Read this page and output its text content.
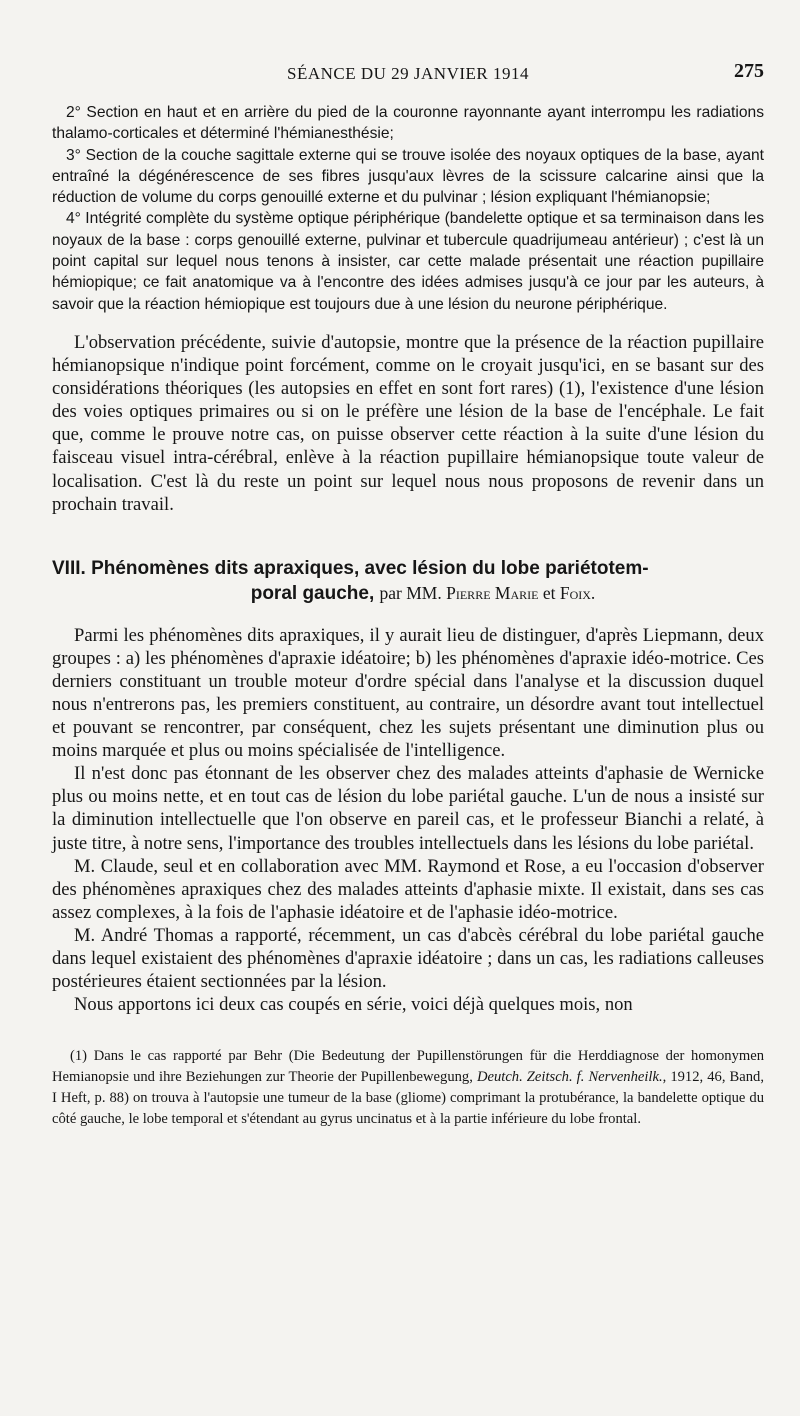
SÉANCE DU 29 JANVIER 1914	275

2° Section en haut et en arrière du pied de la couronne rayonnante ayant interrompu les radiations thalamo-corticales et déterminé l'hémianesthésie;

3° Section de la couche sagittale externe qui se trouve isolée des noyaux optiques de la base, ayant entraîné la dégénérescence de ses fibres jusqu'aux lèvres de la scissure calcarine ainsi que la réduction de volume du corps genouillé externe et du pulvinar ; lésion expliquant l'hémianopsie;

4° Intégrité complète du système optique périphérique (bandelette optique et sa terminaison dans les noyaux de la base : corps genouillé externe, pulvinar et tubercule quadrijumeau antérieur) ; c'est là un point capital sur lequel nous tenons à insister, car cette malade présentait une réaction pupillaire hémiopique; ce fait anatomique va à l'encontre des idées admises jusqu'à ce jour par les auteurs, à savoir que la réaction hémiopique est toujours due à une lésion du neurone périphérique.

L'observation précédente, suivie d'autopsie, montre que la présence de la réaction pupillaire hémianopsique n'indique point forcément, comme on le croyait jusqu'ici, en se basant sur des considérations théoriques (les autopsies en effet en sont fort rares) (1), l'existence d'une lésion des voies optiques primaires ou si on le préfère une lésion de la base de l'encéphale. Le fait que, comme le prouve notre cas, on puisse observer cette réaction à la suite d'une lésion du faisceau visuel intra-cérébral, enlève à la réaction pupillaire hémianopsique toute valeur de localisation. C'est là du reste un point sur lequel nous nous proposons de revenir dans un prochain travail.

VIII. Phénomènes dits apraxiques, avec lésion du lobe pariétotem-
poral gauche, par MM. Pierre Marie et Foix.

Parmi les phénomènes dits apraxiques, il y aurait lieu de distinguer, d'après Liepmann, deux groupes : a) les phénomènes d'apraxie idéatoire; b) les phénomènes d'apraxie idéo-motrice. Ces derniers constituant un trouble moteur d'ordre spécial dans l'analyse et la discussion duquel nous n'entrerons pas, les premiers constituent, au contraire, un désordre avant tout intellectuel et pouvant se rencontrer, par conséquent, chez les sujets présentant une diminution plus ou moins marquée et plus ou moins spécialisée de l'intelligence.

Il n'est donc pas étonnant de les observer chez des malades atteints d'aphasie de Wernicke plus ou moins nette, et en tout cas de lésion du lobe pariétal gauche. L'un de nous a insisté sur la diminution intellectuelle que l'on observe en pareil cas, et le professeur Bianchi a relaté, à juste titre, à notre sens, l'importance des troubles intellectuels dans les lésions du lobe pariétal.

M. Claude, seul et en collaboration avec MM. Raymond et Rose, a eu l'occasion d'observer des phénomènes apraxiques chez des malades atteints d'aphasie mixte. Il existait, dans ses cas assez complexes, à la fois de l'aphasie idéatoire et de l'aphasie idéo-motrice.

M. André Thomas a rapporté, récemment, un cas d'abcès cérébral du lobe pariétal gauche dans lequel existaient des phénomènes d'apraxie idéatoire ; dans un cas, les radiations calleuses postérieures étaient sectionnées par la lésion.

Nous apportons ici deux cas coupés en série, voici déjà quelques mois, non

(1) Dans le cas rapporté par Behr (Die Bedeutung der Pupillenstörungen für die Herddiagnose der homonymen Hemianopsie und ihre Beziehungen zur Theorie der Pupillenbewegung, Deutch. Zeitsch. f. Nervenheilk., 1912, 46, Band, I Heft, p. 88) on trouva à l'autopsie une tumeur de la base (gliome) comprimant la protubérance, la bandelette optique du côté gauche, le lobe temporal et s'étendant au gyrus uncinatus et à la partie inférieure du lobe frontal.
